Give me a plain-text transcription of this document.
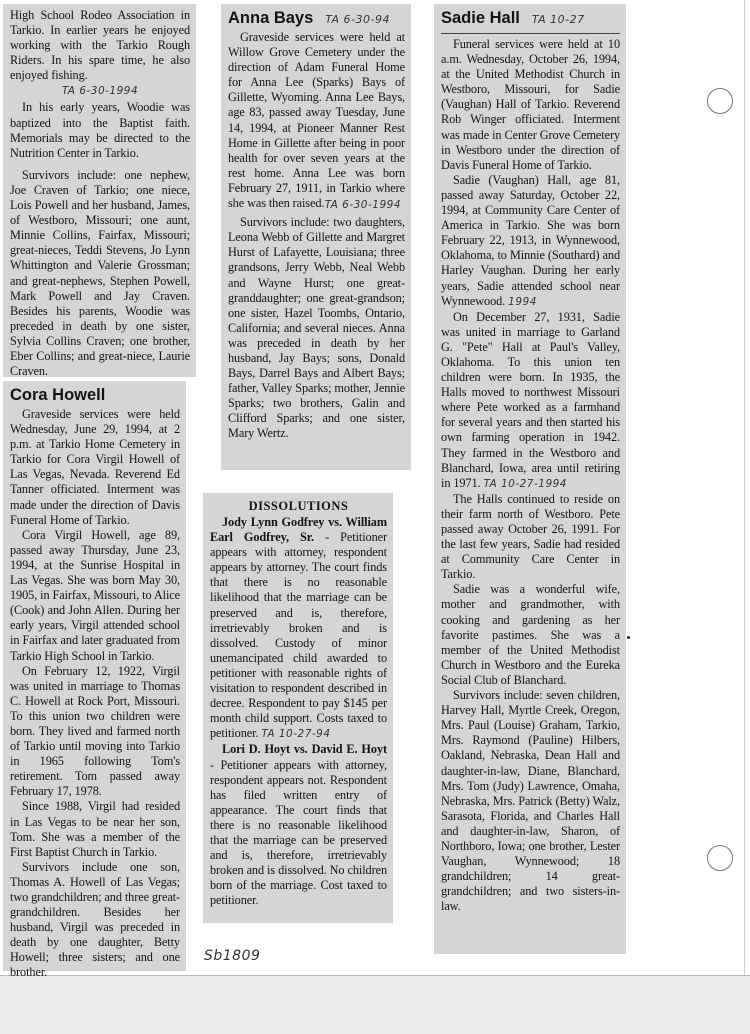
High School Rodeo Association in Tarkio. In earlier years he enjoyed working with the Tarkio Rough Riders. In his spare time, he also enjoyed fishing.

TA 6-30-1994

In his early years, Woodie was baptized into the Baptist faith. Memorials may be directed to the Nutrition Center in Tarkio.

Survivors include: one nephew, Joe Craven of Tarkio; one niece, Lois Powell and her husband, James, of Westboro, Missouri; one aunt, Minnie Collins, Fairfax, Missouri; great-nieces, Teddi Stevens, Jo Lynn Whittington and Valerie Grossman; and great-nephews, Stephen Powell, Mark Powell and Jay Craven. Besides his parents, Woodie was preceded in death by one sister, Sylvia Collins Craven; one brother, Eber Collins; and great-niece, Laurie Craven.

Cora Howell

Graveside services were held Wednesday, June 29, 1994, at 2 p.m. at Tarkio Home Cemetery in Tarkio for Cora Virgil Howell of Las Vegas, Nevada. Reverend Ed Tanner officiated. Interment was made under the direction of Davis Funeral Home of Tarkio.

Cora Virgil Howell, age 89, passed away Thursday, June 23, 1994, at the Sunrise Hospital in Las Vegas. She was born May 30, 1905, in Fairfax, Missouri, to Alice (Cook) and John Allen. During her early years, Virgil attended school in Fairfax and later graduated from Tarkio High School in Tarkio.

On February 12, 1922, Virgil was united in marriage to Thomas C. Howell at Rock Port, Missouri. To this union two children were born. They lived and farmed north of Tarkio until moving into Tarkio in 1965 following Tom's retirement. Tom passed away February 17, 1978.

Since 1988, Virgil had resided in Las Vegas to be near her son, Tom. She was a member of the First Baptist Church in Tarkio.

Survivors include one son, Thomas A. Howell of Las Vegas; two grandchildren; and three great-grandchildren. Besides her husband, Virgil was preceded in death by one daughter, Betty Howell; three sisters; and one brother.

Anna Bays TA 6-30-94

Graveside services were held at Willow Grove Cemetery under the direction of Adam Funeral Home for Anna Lee (Sparks) Bays of Gillette, Wyoming. Anna Lee Bays, age 83, passed away Tuesday, June 14, 1994, at Pioneer Manner Rest Home in Gillette after being in poor health for over seven years at the rest home. Anna Lee was born February 27, 1911, in Tarkio where she was then raised. TA 6-30-1994

Survivors include: two daughters, Leona Webb of Gillette and Margret Hurst of Lafayette, Louisiana; three grandsons, Jerry Webb, Neal Webb and Wayne Hurst; one great-granddaughter; one great-grandson; one sister, Hazel Toombs, Ontario, California; and several nieces. Anna was preceded in death by her husband, Jay Bays; sons, Donald Bays, Darrel Bays and Albert Bays; father, Valley Sparks; mother, Jennie Sparks; two brothers, Galin and Clifford Sparks; and one sister, Mary Wertz.

DISSOLUTIONS

Jody Lynn Godfrey vs. William Earl Godfrey, Sr. - Petitioner appears with attorney, respondent appears by attorney. The court finds that there is no reasonable likelihood that the marriage can be preserved and is, therefore, irretrievably broken and is dissolved. Custody of minor unemancipated child awarded to petitioner with reasonable rights of visitation to respondent described in decree. Respondent to pay $145 per month child support. Costs taxed to petitioner. TA 10-27-94

Lori D. Hoyt vs. David E. Hoyt - Petitioner appears with attorney, respondent appears not. Respondent has filed written entry of appearance. The court finds that there is no reasonable likelihood that the marriage can be preserved and is, therefore, irretrievably broken and is dissolved. No children born of the marriage. Cost taxed to petitioner.

Sadie Hall TA 10-27

Funeral services were held at 10 a.m. Wednesday, October 26, 1994, at the United Methodist Church in Westboro, Missouri, for Sadie (Vaughan) Hall of Tarkio. Reverend Rob Winger officiated. Interment was made in Center Grove Cemetery in Westboro under the direction of Davis Funeral Home of Tarkio.

Sadie (Vaughan) Hall, age 81, passed away Saturday, October 22, 1994, at Community Care Center of America in Tarkio. She was born February 22, 1913, in Wynnewood, Oklahoma, to Minnie (Southard) and Harley Vaughan. During her early years, Sadie attended school near Wynnewood. 1994

On December 27, 1931, Sadie was united in marriage to Garland G. "Pete" Hall at Paul's Valley, Oklahoma. To this union ten children were born. In 1935, the Halls moved to northwest Missouri where Pete worked as a farmhand for several years and then started his own farming operation in 1942. They farmed in the Westboro and Blanchard, Iowa, area until retiring in 1971. TA 10-27-1994

The Halls continued to reside on their farm north of Westboro. Pete passed away October 26, 1991. For the last few years, Sadie had resided at Community Care Center in Tarkio.

Sadie was a wonderful wife, mother and grandmother, with cooking and gardening as her favorite pastimes. She was a member of the United Methodist Church in Westboro and the Eureka Social Club of Blanchard.

Survivors include: seven children, Harvey Hall, Myrtle Creek, Oregon, Mrs. Paul (Louise) Graham, Tarkio, Mrs. Raymond (Pauline) Hilbers, Oakland, Nebraska, Dean Hall and daughter-in-law, Diane, Blanchard, Mrs. Tom (Judy) Lawrence, Omaha, Nebraska, Mrs. Patrick (Betty) Walz, Sarasota, Florida, and Charles Hall and daughter-in-law, Sharon, of Northboro, Iowa; one brother, Lester Vaughan, Wynnewood; 18 grandchildren; 14 great-grandchildren; and two sisters-in-law.

Sb1809
